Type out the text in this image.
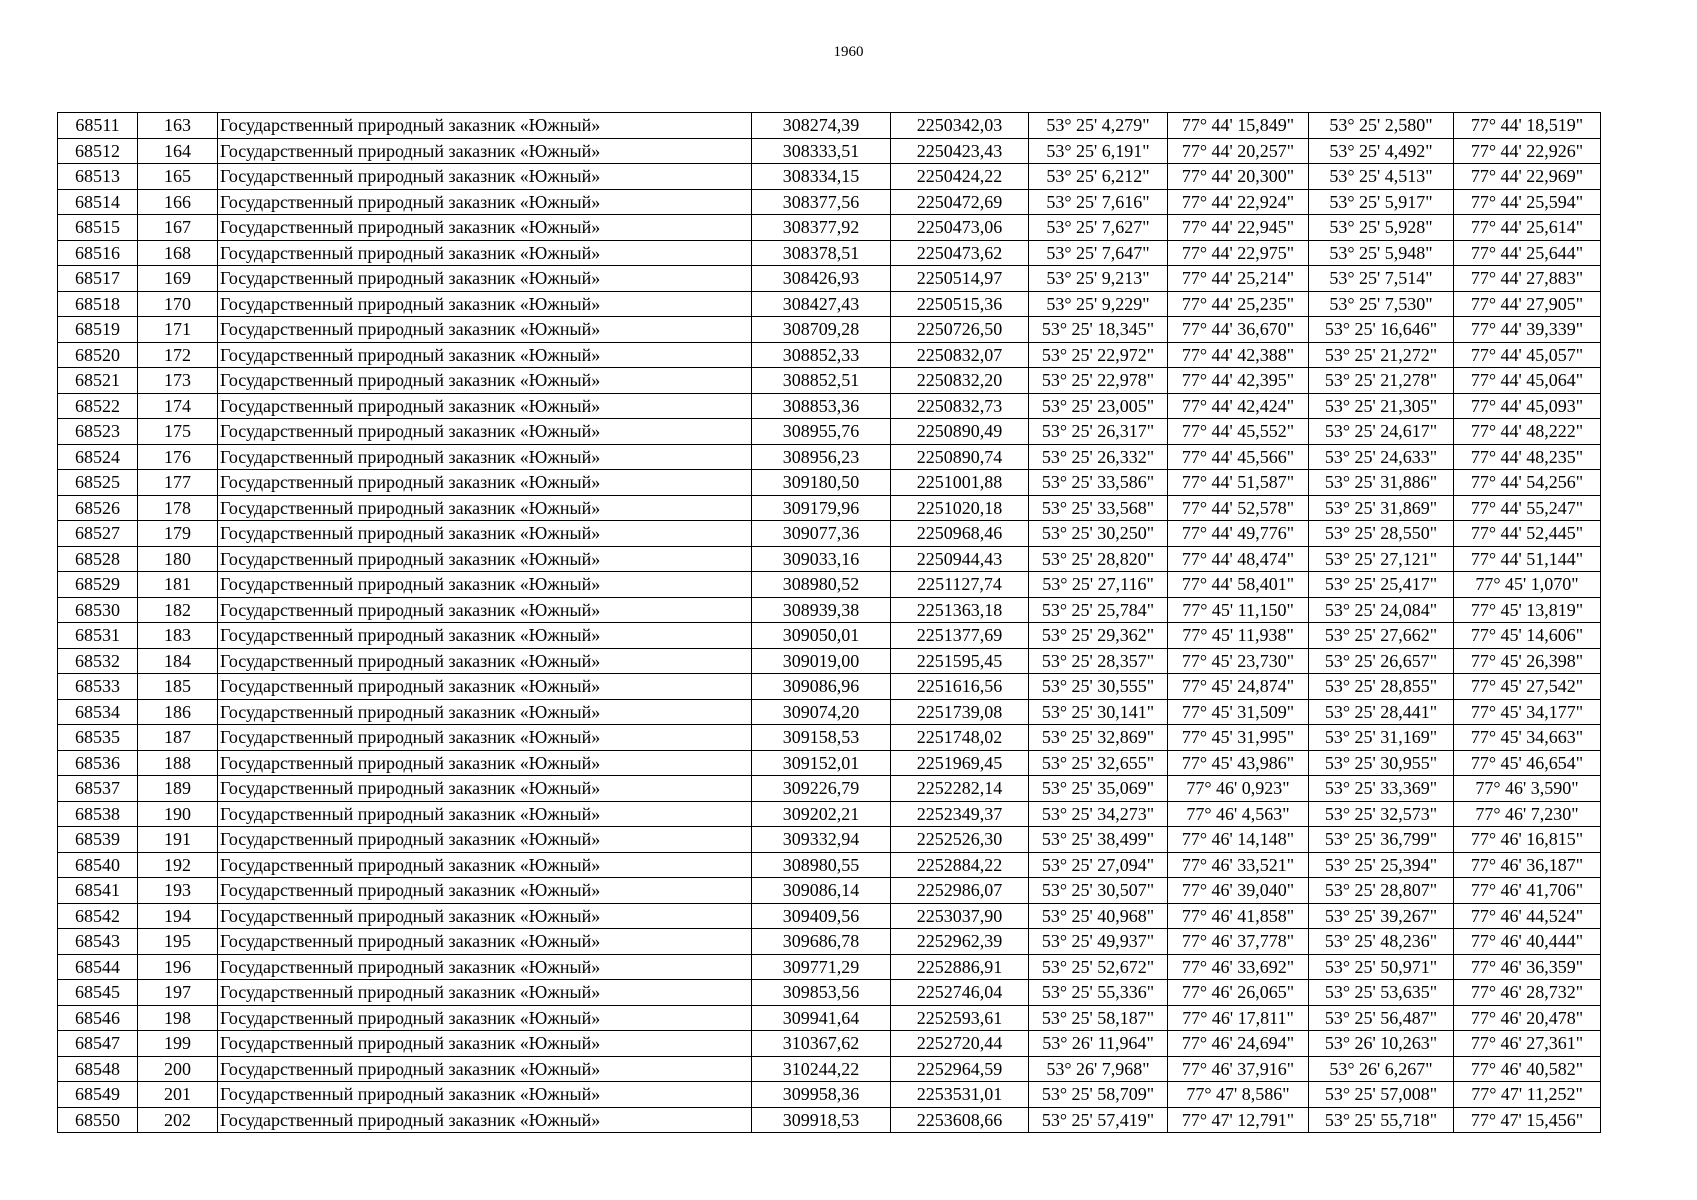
1960
68511	163	Государственный природный заказник «Южный»	308274,39	2250342,03	53° 25' 4,279"	77° 44' 15,849"	53° 25' 2,580"	77° 44' 18,519"
68512	164	Государственный природный заказник «Южный»	308333,51	2250423,43	53° 25' 6,191"	77° 44' 20,257"	53° 25' 4,492"	77° 44' 22,926"
68513	165	Государственный природный заказник «Южный»	308334,15	2250424,22	53° 25' 6,212"	77° 44' 20,300"	53° 25' 4,513"	77° 44' 22,969"
68514	166	Государственный природный заказник «Южный»	308377,56	2250472,69	53° 25' 7,616"	77° 44' 22,924"	53° 25' 5,917"	77° 44' 25,594"
68515	167	Государственный природный заказник «Южный»	308377,92	2250473,06	53° 25' 7,627"	77° 44' 22,945"	53° 25' 5,928"	77° 44' 25,614"
68516	168	Государственный природный заказник «Южный»	308378,51	2250473,62	53° 25' 7,647"	77° 44' 22,975"	53° 25' 5,948"	77° 44' 25,644"
68517	169	Государственный природный заказник «Южный»	308426,93	2250514,97	53° 25' 9,213"	77° 44' 25,214"	53° 25' 7,514"	77° 44' 27,883"
68518	170	Государственный природный заказник «Южный»	308427,43	2250515,36	53° 25' 9,229"	77° 44' 25,235"	53° 25' 7,530"	77° 44' 27,905"
68519	171	Государственный природный заказник «Южный»	308709,28	2250726,50	53° 25' 18,345"	77° 44' 36,670"	53° 25' 16,646"	77° 44' 39,339"
68520	172	Государственный природный заказник «Южный»	308852,33	2250832,07	53° 25' 22,972"	77° 44' 42,388"	53° 25' 21,272"	77° 44' 45,057"
68521	173	Государственный природный заказник «Южный»	308852,51	2250832,20	53° 25' 22,978"	77° 44' 42,395"	53° 25' 21,278"	77° 44' 45,064"
68522	174	Государственный природный заказник «Южный»	308853,36	2250832,73	53° 25' 23,005"	77° 44' 42,424"	53° 25' 21,305"	77° 44' 45,093"
68523	175	Государственный природный заказник «Южный»	308955,76	2250890,49	53° 25' 26,317"	77° 44' 45,552"	53° 25' 24,617"	77° 44' 48,222"
68524	176	Государственный природный заказник «Южный»	308956,23	2250890,74	53° 25' 26,332"	77° 44' 45,566"	53° 25' 24,633"	77° 44' 48,235"
68525	177	Государственный природный заказник «Южный»	309180,50	2251001,88	53° 25' 33,586"	77° 44' 51,587"	53° 25' 31,886"	77° 44' 54,256"
68526	178	Государственный природный заказник «Южный»	309179,96	2251020,18	53° 25' 33,568"	77° 44' 52,578"	53° 25' 31,869"	77° 44' 55,247"
68527	179	Государственный природный заказник «Южный»	309077,36	2250968,46	53° 25' 30,250"	77° 44' 49,776"	53° 25' 28,550"	77° 44' 52,445"
68528	180	Государственный природный заказник «Южный»	309033,16	2250944,43	53° 25' 28,820"	77° 44' 48,474"	53° 25' 27,121"	77° 44' 51,144"
68529	181	Государственный природный заказник «Южный»	308980,52	2251127,74	53° 25' 27,116"	77° 44' 58,401"	53° 25' 25,417"	77° 45' 1,070"
68530	182	Государственный природный заказник «Южный»	308939,38	2251363,18	53° 25' 25,784"	77° 45' 11,150"	53° 25' 24,084"	77° 45' 13,819"
68531	183	Государственный природный заказник «Южный»	309050,01	2251377,69	53° 25' 29,362"	77° 45' 11,938"	53° 25' 27,662"	77° 45' 14,606"
68532	184	Государственный природный заказник «Южный»	309019,00	2251595,45	53° 25' 28,357"	77° 45' 23,730"	53° 25' 26,657"	77° 45' 26,398"
68533	185	Государственный природный заказник «Южный»	309086,96	2251616,56	53° 25' 30,555"	77° 45' 24,874"	53° 25' 28,855"	77° 45' 27,542"
68534	186	Государственный природный заказник «Южный»	309074,20	2251739,08	53° 25' 30,141"	77° 45' 31,509"	53° 25' 28,441"	77° 45' 34,177"
68535	187	Государственный природный заказник «Южный»	309158,53	2251748,02	53° 25' 32,869"	77° 45' 31,995"	53° 25' 31,169"	77° 45' 34,663"
68536	188	Государственный природный заказник «Южный»	309152,01	2251969,45	53° 25' 32,655"	77° 45' 43,986"	53° 25' 30,955"	77° 45' 46,654"
68537	189	Государственный природный заказник «Южный»	309226,79	2252282,14	53° 25' 35,069"	77° 46' 0,923"	53° 25' 33,369"	77° 46' 3,590"
68538	190	Государственный природный заказник «Южный»	309202,21	2252349,37	53° 25' 34,273"	77° 46' 4,563"	53° 25' 32,573"	77° 46' 7,230"
68539	191	Государственный природный заказник «Южный»	309332,94	2252526,30	53° 25' 38,499"	77° 46' 14,148"	53° 25' 36,799"	77° 46' 16,815"
68540	192	Государственный природный заказник «Южный»	308980,55	2252884,22	53° 25' 27,094"	77° 46' 33,521"	53° 25' 25,394"	77° 46' 36,187"
68541	193	Государственный природный заказник «Южный»	309086,14	2252986,07	53° 25' 30,507"	77° 46' 39,040"	53° 25' 28,807"	77° 46' 41,706"
68542	194	Государственный природный заказник «Южный»	309409,56	2253037,90	53° 25' 40,968"	77° 46' 41,858"	53° 25' 39,267"	77° 46' 44,524"
68543	195	Государственный природный заказник «Южный»	309686,78	2252962,39	53° 25' 49,937"	77° 46' 37,778"	53° 25' 48,236"	77° 46' 40,444"
68544	196	Государственный природный заказник «Южный»	309771,29	2252886,91	53° 25' 52,672"	77° 46' 33,692"	53° 25' 50,971"	77° 46' 36,359"
68545	197	Государственный природный заказник «Южный»	309853,56	2252746,04	53° 25' 55,336"	77° 46' 26,065"	53° 25' 53,635"	77° 46' 28,732"
68546	198	Государственный природный заказник «Южный»	309941,64	2252593,61	53° 25' 58,187"	77° 46' 17,811"	53° 25' 56,487"	77° 46' 20,478"
68547	199	Государственный природный заказник «Южный»	310367,62	2252720,44	53° 26' 11,964"	77° 46' 24,694"	53° 26' 10,263"	77° 46' 27,361"
68548	200	Государственный природный заказник «Южный»	310244,22	2252964,59	53° 26' 7,968"	77° 46' 37,916"	53° 26' 6,267"	77° 46' 40,582"
68549	201	Государственный природный заказник «Южный»	309958,36	2253531,01	53° 25' 58,709"	77° 47' 8,586"	53° 25' 57,008"	77° 47' 11,252"
68550	202	Государственный природный заказник «Южный»	309918,53	2253608,66	53° 25' 57,419"	77° 47' 12,791"	53° 25' 55,718"	77° 47' 15,456"
